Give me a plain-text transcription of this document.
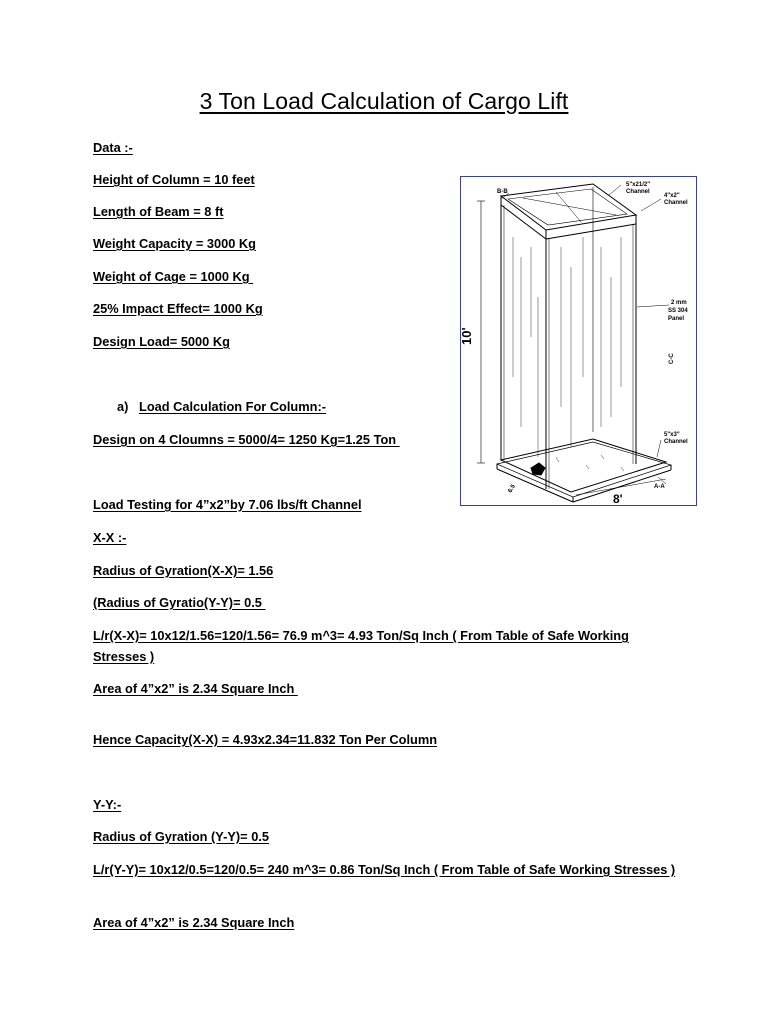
3 Ton Load Calculation of Cargo Lift

Data :-

Height of Column = 10 feet

Length of Beam = 8 ft

Weight Capacity = 3000 Kg

Weight of Cage = 1000 Kg

25% Impact Effect= 1000 Kg

Design Load= 5000 Kg

a) Load Calculation For Column:-

Design on 4 Cloumns = 5000/4= 1250 Kg=1.25 Ton

Load Testing for 4”x2”by 7.06 lbs/ft Channel

X-X :-

Radius of Gyration(X-X)= 1.56

(Radius of Gyratio(Y-Y)= 0.5

L/r(X-X)= 10x12/1.56=120/1.56= 76.9 m^3= 4.93 Ton/Sq Inch ( From Table of Safe Working Stresses )

Area of 4”x2” is 2.34 Square Inch

Hence Capacity(X-X) = 4.93x2.34=11.832 Ton Per Column

Y-Y:-

Radius of Gyration (Y-Y)= 0.5

L/r(Y-Y)= 10x12/0.5=120/0.5= 240 m^3= 0.86 Ton/Sq Inch ( From Table of Safe Working Stresses )

Area of 4”x2” is 2.34 Square Inch

B-B
5"x21/2"
Channel
4"x2"
Channel
2 mm
SS 304
Panel
10'
C-C
5"x3"
Channel
6.5
8'
A-A
